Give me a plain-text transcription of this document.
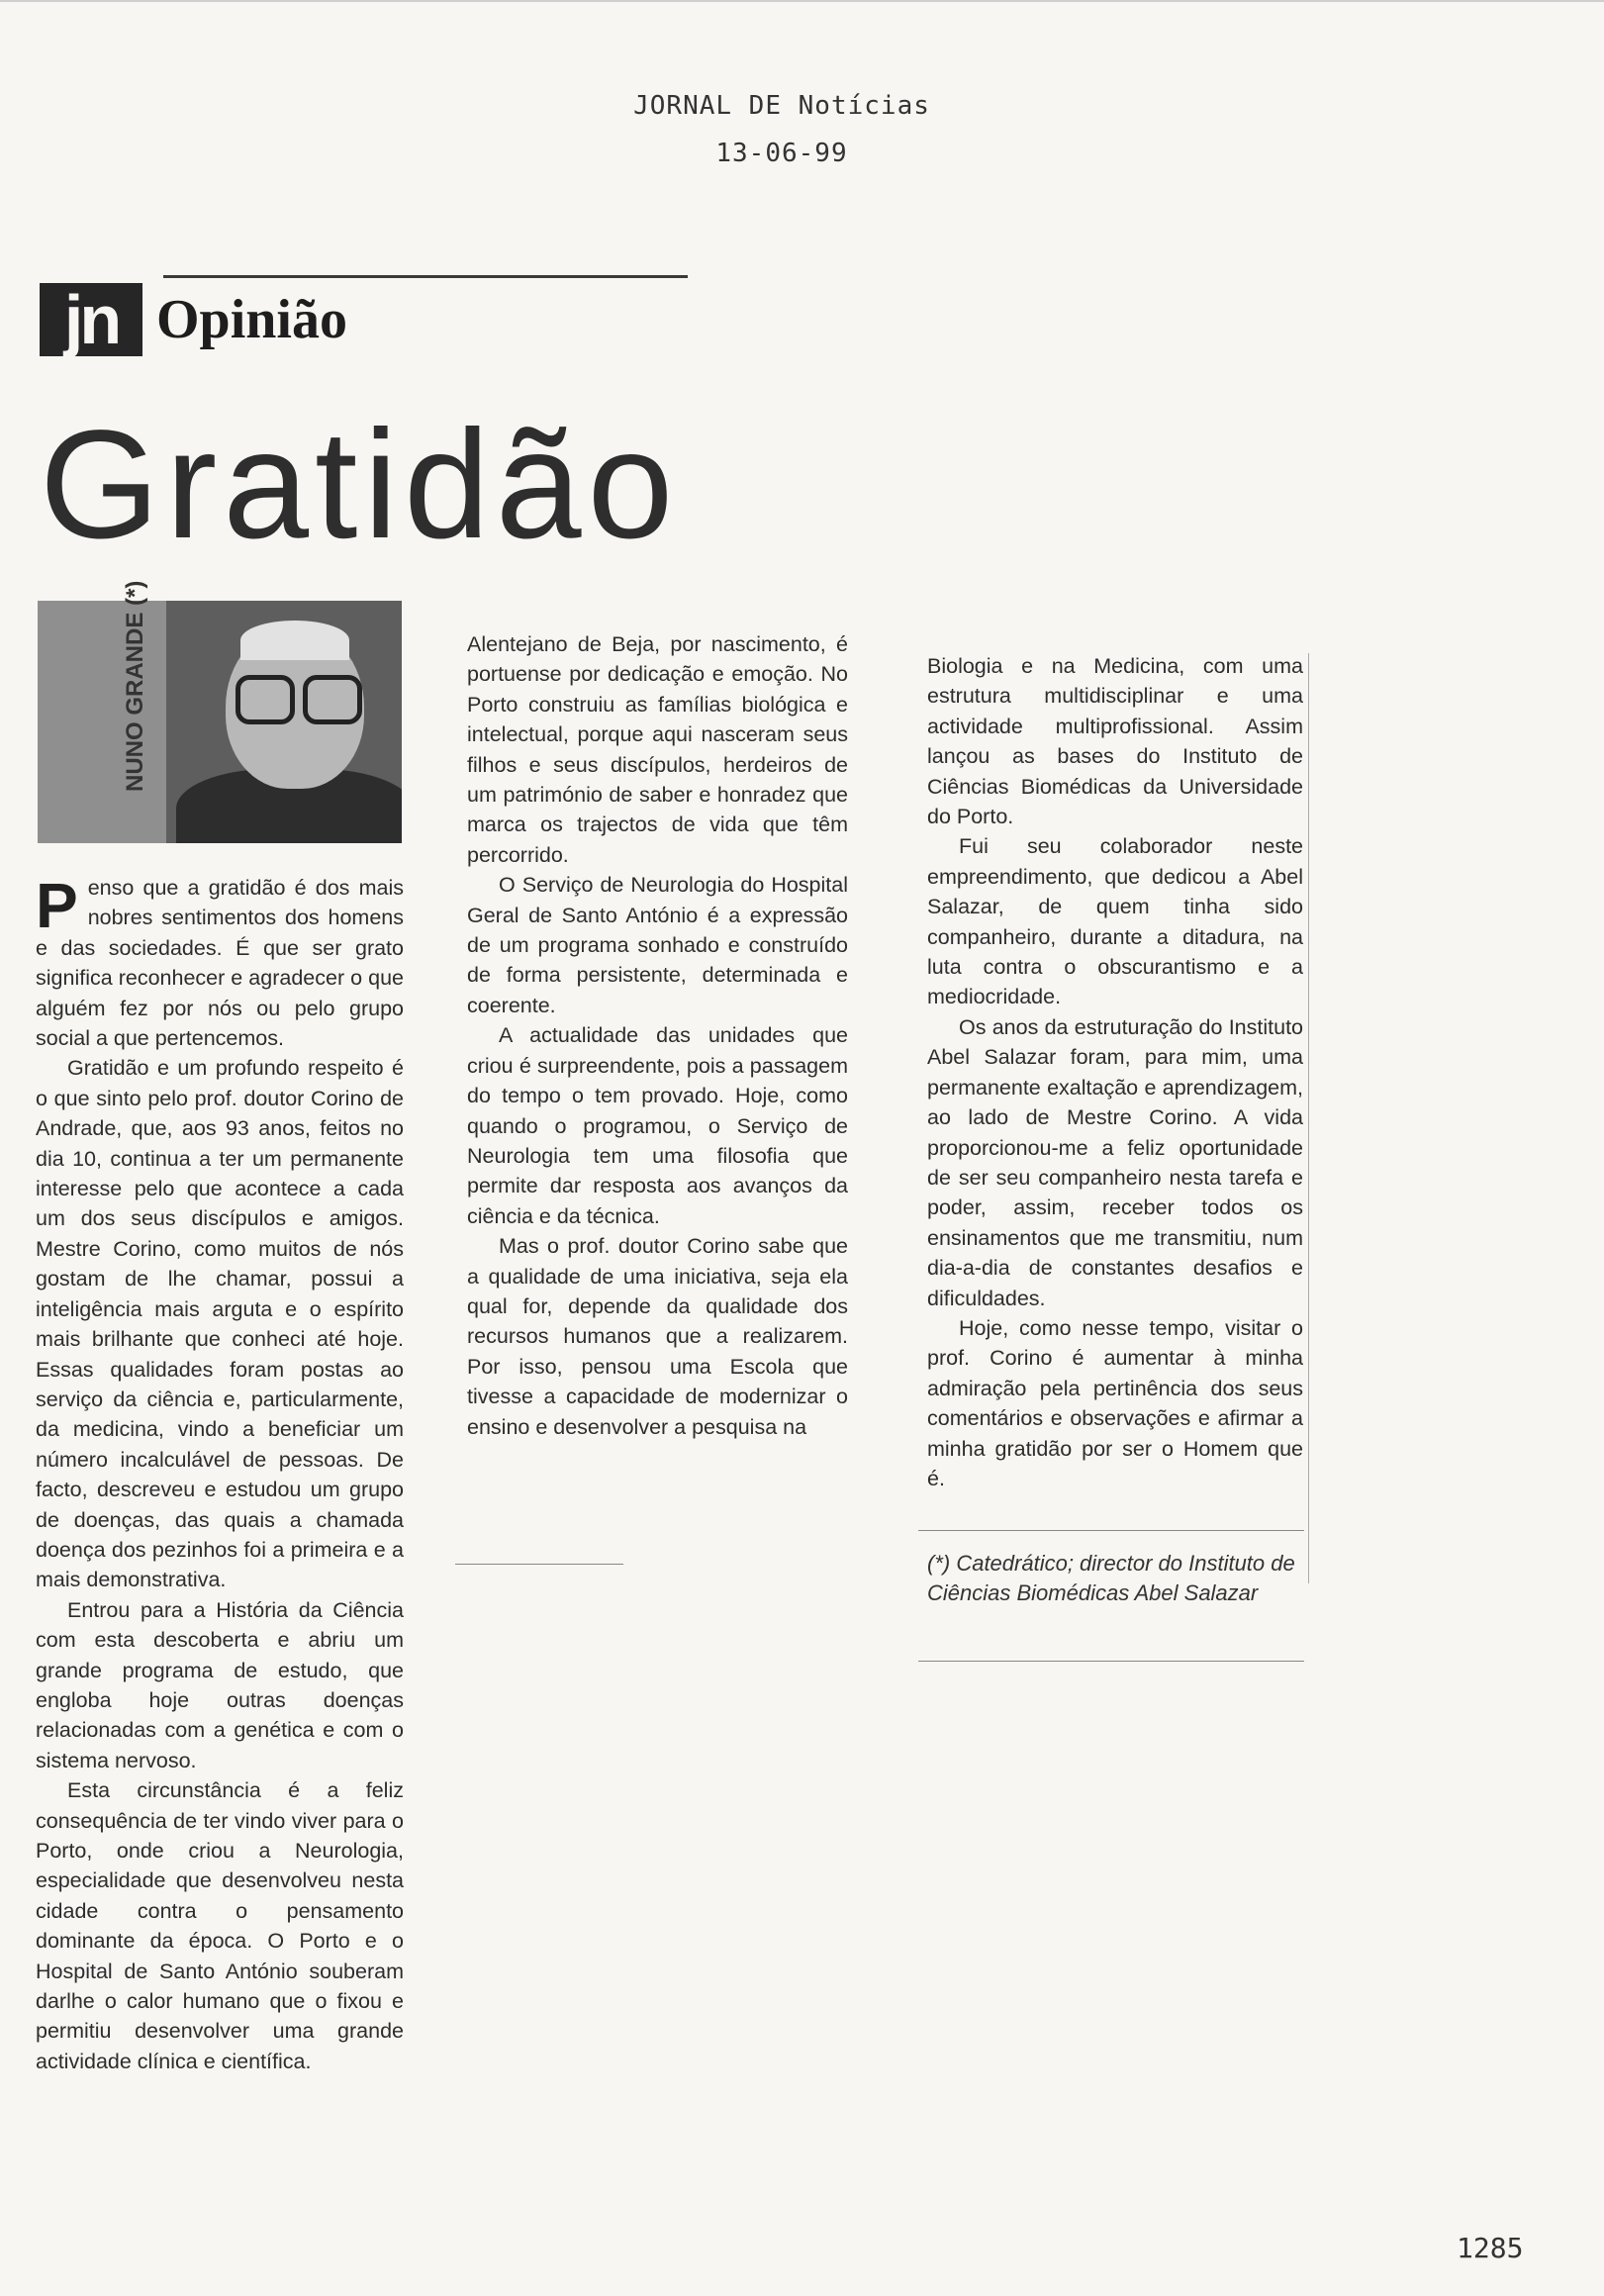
JORNAL DE Notícias
13-06-99
jn Opinião
Gratidão
NUNO GRANDE (*)

Penso que a gratidão é dos mais nobres sentimentos dos homens e das sociedades. É que ser grato significa reconhecer e agradecer o que alguém fez por nós ou pelo grupo social a que pertencemos.

Gratidão e um profundo respeito é o que sinto pelo prof. doutor Corino de Andrade, que, aos 93 anos, feitos no dia 10, continua a ter um permanente interesse pelo que acontece a cada um dos seus discípulos e amigos. Mestre Corino, como muitos de nós gostam de lhe chamar, possui a inteligência mais arguta e o espírito mais brilhante que conheci até hoje. Essas qualidades foram postas ao serviço da ciência e, particularmente, da medicina, vindo a beneficiar um número incalculável de pessoas. De facto, descreveu e estudou um grupo de doenças, das quais a chamada doença dos pezinhos foi a primeira e a mais demonstrativa.

Entrou para a História da Ciência com esta descoberta e abriu um grande programa de estudo, que engloba hoje outras doenças relacionadas com a genética e com o sistema nervoso.

Esta circunstância é a feliz consequência de ter vindo viver para o Porto, onde criou a Neurologia, especialidade que desenvolveu nesta cidade contra o pensamento dominante da época. O Porto e o Hospital de Santo António souberam darlhe o calor humano que o fixou e permitiu desenvolver uma grande actividade clínica e científica.

Alentejano de Beja, por nascimento, é portuense por dedicação e emoção. No Porto construiu as famílias biológica e intelectual, porque aqui nasceram seus filhos e seus discípulos, herdeiros de um património de saber e honradez que marca os trajectos de vida que têm percorrido.

O Serviço de Neurologia do Hospital Geral de Santo António é a expressão de um programa sonhado e construído de forma persistente, determinada e coerente.

A actualidade das unidades que criou é surpreendente, pois a passagem do tempo o tem provado. Hoje, como quando o programou, o Serviço de Neurologia tem uma filosofia que permite dar resposta aos avanços da ciência e da técnica.

Mas o prof. doutor Corino sabe que a qualidade de uma iniciativa, seja ela qual for, depende da qualidade dos recursos humanos que a realizarem. Por isso, pensou uma Escola que tivesse a capacidade de modernizar o ensino e desenvolver a pesquisa na

Biologia e na Medicina, com uma estrutura multidisciplinar e uma actividade multiprofissional. Assim lançou as bases do Instituto de Ciências Biomédicas da Universidade do Porto.

Fui seu colaborador neste empreendimento, que dedicou a Abel Salazar, de quem tinha sido companheiro, durante a ditadura, na luta contra o obscurantismo e a mediocridade.

Os anos da estruturação do Instituto Abel Salazar foram, para mim, uma permanente exaltação e aprendizagem, ao lado de Mestre Corino. A vida proporcionou-me a feliz oportunidade de ser seu companheiro nesta tarefa e poder, assim, receber todos os ensinamentos que me transmitiu, num dia-a-dia de constantes desafios e dificuldades.

Hoje, como nesse tempo, visitar o prof. Corino é aumentar à minha admiração pela pertinência dos seus comentários e observações e afirmar a minha gratidão por ser o Homem que é.

(*) Catedrático; director do Instituto de Ciências Biomédicas Abel Salazar
1285
